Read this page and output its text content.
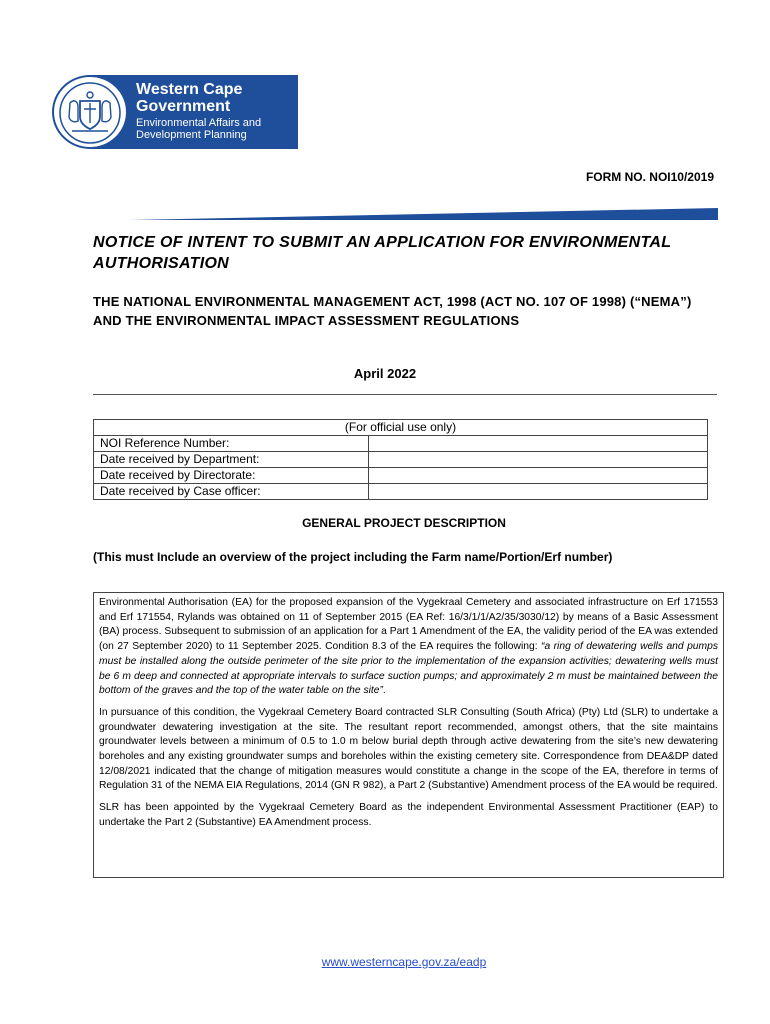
Western Cape
Government
Environmental Affairs and
Development Planning
FORM NO. NOI10/2019
NOTICE OF INTENT TO SUBMIT AN APPLICATION FOR ENVIRONMENTAL AUTHORISATION
THE NATIONAL ENVIRONMENTAL MANAGEMENT ACT, 1998 (ACT NO. 107 OF 1998) (“NEMA”) AND THE ENVIRONMENTAL IMPACT ASSESSMENT REGULATIONS
April 2022
(For official use only)	
NOI Reference Number:	
Date received by Department:	
Date received by Directorate:	
Date received by Case officer:	
GENERAL PROJECT DESCRIPTION
(This must Include an overview of the project including the Farm name/Portion/Erf number)

Environmental Authorisation (EA) for the proposed expansion of the Vygekraal Cemetery and associated infrastructure on Erf 171553 and Erf 171554, Rylands was obtained on 11 of September 2015 (EA Ref: 16/3/1/1/A2/35/3030/12) by means of a Basic Assessment (BA) process. Subsequent to submission of an application for a Part 1 Amendment of the EA, the validity period of the EA was extended (on 27 September 2020) to 11 September 2025. Condition 8.3 of the EA requires the following: “a ring of dewatering wells and pumps must be installed along the outside perimeter of the site prior to the implementation of the expansion activities; dewatering wells must be 6 m deep and connected at appropriate intervals to surface suction pumps; and approximately 2 m must be maintained between the bottom of the graves and the top of the water table on the site”.

In pursuance of this condition, the Vygekraal Cemetery Board contracted SLR Consulting (South Africa) (Pty) Ltd (SLR) to undertake a groundwater dewatering investigation at the site. The resultant report recommended, amongst others, that the site maintains groundwater levels between a minimum of 0.5 to 1.0 m below burial depth through active dewatering from the site’s new dewatering boreholes and any existing groundwater sumps and boreholes within the existing cemetery site. Correspondence from DEA&DP dated 12/08/2021 indicated that the change of mitigation measures would constitute a change in the scope of the EA, therefore in terms of Regulation 31 of the NEMA EIA Regulations, 2014 (GN R 982), a Part 2 (Substantive) Amendment process of the EA would be required.

SLR has been appointed by the Vygekraal Cemetery Board as the independent Environmental Assessment Practitioner (EAP) to undertake the Part 2 (Substantive) EA Amendment process.

www.westerncape.gov.za/eadp
